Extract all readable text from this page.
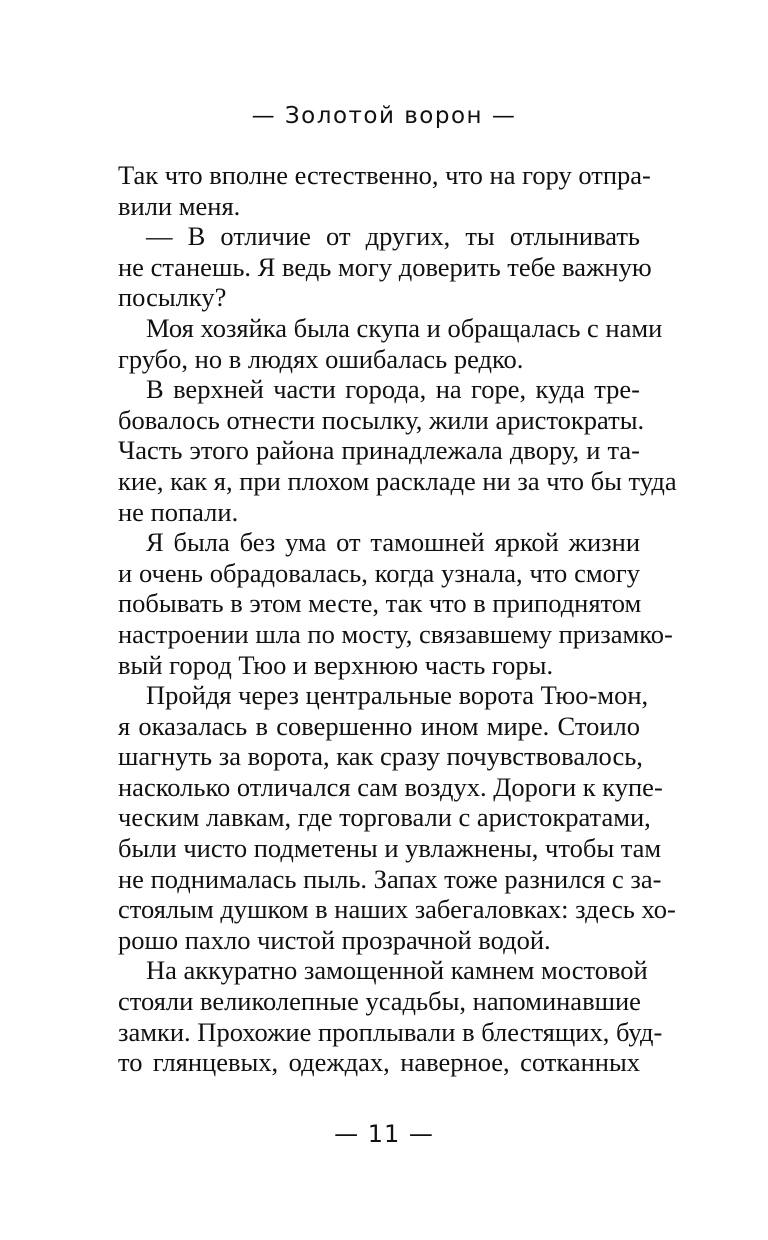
— Золотой ворон —
Так что вполне естественно, что на гору отпра-
вили меня.
— В отличие от других, ты отлынивать
не станешь. Я ведь могу доверить тебе важную
посылку?
Моя хозяйка была скупа и обращалась с нами
грубо, но в людях ошибалась редко.
В верхней части города, на горе, куда тре-
бовалось отнести посылку, жили аристократы.
Часть этого района принадлежала двору, и та-
кие, как я, при плохом раскладе ни за что бы туда
не попали.
Я была без ума от тамошней яркой жизни
и очень обрадовалась, когда узнала, что смогу
побывать в этом месте, так что в приподнятом
настроении шла по мосту, связавшему призамко-
вый город Тюо и верхнюю часть горы.
Пройдя через центральные ворота Тюо-мон,
я оказалась в совершенно ином мире. Стоило
шагнуть за ворота, как сразу почувствовалось,
насколько отличался сам воздух. Дороги к купе-
ческим лавкам, где торговали с аристократами,
были чисто подметены и увлажнены, чтобы там
не поднималась пыль. Запах тоже разнился с за-
стоялым душком в наших забегаловках: здесь хо-
рошо пахло чистой прозрачной водой.
На аккуратно замощенной камнем мостовой
стояли великолепные усадьбы, напоминавшие
замки. Прохожие проплывали в блестящих, буд-
то глянцевых, одеждах, наверное, сотканных
— 11 —
